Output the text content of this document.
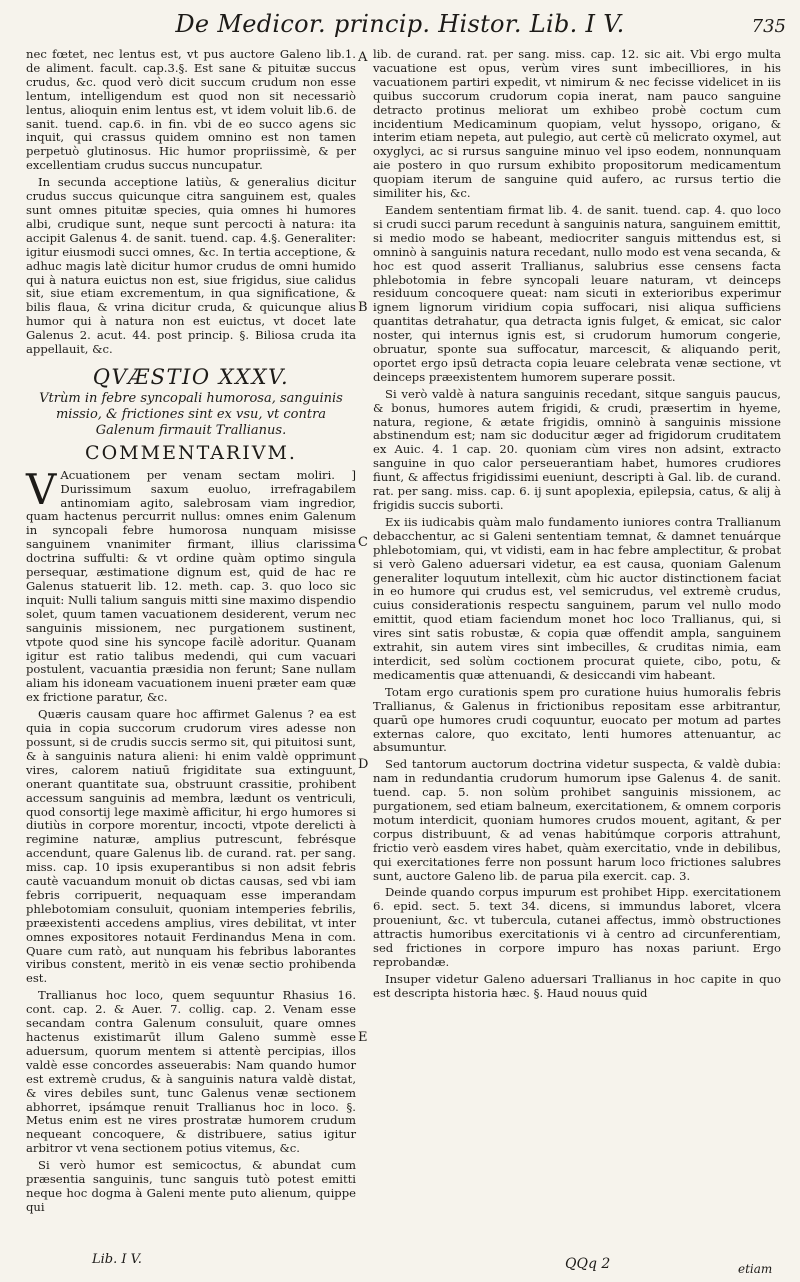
De Medicor. princip. Histor. Lib. I V.	735

nec fœtet, nec lentus est, vt pus auctore Galeno lib.1. de aliment. facult. cap.3.§. Est sane & pituitæ succus crudus, &c. quod verò dicit succum crudum non esse lentum, intelligendum est quod non sit necessariò lentus, alioquin enim lentus est, vt idem voluit lib.6. de sanit. tuend. cap.6. in fin. vbi de eo succo agens sic inquit, qui crassus quidem omnino est non tamen perpetuò glutinosus. Hic humor propriissimè, & per excellentiam crudus succus nuncupatur.

In secunda acceptione latiùs, & generalius dicitur crudus succus quicunque citra sanguinem est, quales sunt omnes pituitæ species, quia omnes hi humores albi, crudique sunt, neque sunt percocti à natura: ita accipit Galenus 4. de sanit. tuend. cap. 4.§. Generaliter: igitur eiusmodi succi omnes, &c. In tertia acceptione, & adhuc magis latè dicitur humor crudus de omni humido qui à natura euictus non est, siue frigidus, siue calidus sit, siue etiam excrementum, in qua significatione, & bilis flaua, & vrina dicitur cruda, & quicunque alius humor qui à natura non est euictus, vt docet late Galenus 2. acut. 44. post princip. §. Biliosa cruda ita appellauit, &c.

QVÆSTIO XXXV.
Vtrùm in febre syncopali humorosa, sanguinis missio, & frictiones sint ex vsu, vt contra Galenum firmauit Trallianus.
COMMENTARIVM.

V Acuationem per venam sectam moliri. ] Durissimum saxum euoluo, irrefragabilem antinomiam agito, salebrosam viam ingredior, quam hactenus percurrit nullus: omnes enim Galenum in syncopali febre humorosa nunquam misisse sanguinem vnanimiter firmant, illius clarissima doctrina suffulti: & vt ordine quàm optimo singula persequar, æstimatione dignum est, quid de hac re Galenus statuerit lib. 12. meth. cap. 3. quo loco sic inquit: Nulli talium sanguis mitti sine maximo dispendio solet, quum tamen vacuationem desiderent, verum nec sanguinis missionem, nec purgationem sustinent, vtpote quod sine his syncope facilè adoritur. Quanam igitur est ratio talibus medendi, qui cum vacuari postulent, vacuantia præsidia non ferunt; Sane nullam aliam his idoneam vacuationem inueni præter eam quæ ex frictione paratur, &c.

Quæris causam quare hoc affirmet Galenus ? ea est quia in copia succorum crudorum vires adesse non possunt, si de crudis succis sermo sit, qui pituitosi sunt, & à sanguinis natura alieni: hi enim valdè opprimunt vires, calorem natiuū frigiditate sua extinguunt, onerant quantitate sua, obstruunt crassitie, prohibent accessum sanguinis ad membra, lædunt os ventriculi, quod consortij lege maximè afficitur, hi ergo humores si diutiùs in corpore morentur, incocti, vtpote derelicti à regimine naturæ, amplius putrescunt, febrésque accendunt, quare Galenus lib. de curand. rat. per sang. miss. cap. 10 ipsis exuperantibus si non adsit febris cautè vacuandum monuit ob dictas causas, sed vbi iam febris corripuerit, nequaquam esse imperandam phlebotomiam consuluit, quoniam intemperies febrilis, præexistenti accedens amplius, vires debilitat, vt inter omnes expositores notauit Ferdinandus Mena in com. Quare cum ratò, aut nunquam his febribus laborantes viribus constent, meritò in eis venæ sectio prohibenda est.

Trallianus hoc loco, quem sequuntur Rhasius 16. cont. cap. 2. & Auer. 7. collig. cap. 2. Venam esse secandam contra Galenum consuluit, quare omnes hactenus existimarūt illum Galeno summè esse aduersum, quorum mentem si attentè percipias, illos valdè esse concordes asseuerabis: Nam quando humor est extremè crudus, & à sanguinis natura valdè distat, & vires debiles sunt, tunc Galenus venæ sectionem abhorret, ipsámque renuit Trallianus hoc in loco. §. Metus enim est ne vires prostratæ humorem crudum nequeant concoquere, & distribuere, satius igitur arbitror vt vena sectionem potius vitemus, &c.

Si verò humor est semicoctus, & abundat cum præsentia sanguinis, tunc sanguis tutò potest emitti neque hoc dogma à Galeni mente puto alienum, quippe qui

A
B
C
D
E

lib. de curand. rat. per sang. miss. cap. 12. sic ait. Vbi ergo multa vacuatione est opus, verùm vires sunt imbecilliores, in his vacuationem partiri expedit, vt nimirum & nec fecisse videlicet in iis quibus succorum crudorum copia inerat, nam pauco sanguine detracto protinus meliorat um exhibeo probè coctum cum incidentium Medicaminum quopiam, velut hyssopo, origano, & interim etiam nepeta, aut pulegio, aut certè cū melicrato oxymel, aut oxyglyci, ac si rursus sanguine minuo vel ipso eodem, nonnunquam aie postero in quo rursum exhibito propositorum medicamentum quopiam iterum de sanguine quid aufero, ac rursus tertio die similiter his, &c.

Eandem sententiam firmat lib. 4. de sanit. tuend. cap. 4. quo loco si crudi succi parum recedunt à sanguinis natura, sanguinem emittit, si medio modo se habeant, mediocriter sanguis mittendus est, si omninò à sanguinis natura recedant, nullo modo est vena secanda, & hoc est quod asserit Trallianus, salubrius esse censens facta phlebotomia in febre syncopali leuare naturam, vt deinceps residuum concoquere queat: nam sicuti in exterioribus experimur ignem lignorum viridium copia suffocari, nisi aliqua sufficiens quantitas detrahatur, qua detracta ignis fulget, & emicat, sic calor noster, qui internus ignis est, si crudorum humorum congerie, obruatur, sponte sua suffocatur, marcescit, & aliquando perit, oportet ergo ipsū detracta copia leuare celebrata venæ sectione, vt deinceps præexistentem humorem superare possit.

Si verò valdè à natura sanguinis recedant, sitque sanguis paucus, & bonus, humores autem frigidi, & crudi, præsertim in hyeme, natura, regione, & ætate frigidis, omninò à sanguinis missione abstinendum est; nam sic doducitur æger ad frigidorum cruditatem ex Auic. 4. 1 cap. 20. quoniam cùm vires non adsint, extracto sanguine in quo calor perseuerantiam habet, humores crudiores fiunt, & affectus frigidissimi eueniunt, descripti à Gal. lib. de curand. rat. per sang. miss. cap. 6. ij sunt apoplexia, epilepsia, catus, & alij à frigidis succis suborti.

Ex iis iudicabis quàm malo fundamento iuniores contra Trallianum debacchentur, ac si Galeni sententiam temnat, & damnet tenuárque phlebotomiam, qui, vt vidisti, eam in hac febre amplectitur, & probat si verò Galeno aduersari videtur, ea est causa, quoniam Galenum generaliter loquutum intellexit, cùm hic auctor distinctionem faciat in eo humore qui crudus est, vel semicrudus, vel extremè crudus, cuius considerationis respectu sanguinem, parum vel nullo modo emittit, quod etiam faciendum monet hoc loco Trallianus, qui, si vires sint satis robustæ, & copia quæ offendit ampla, sanguinem extrahit, sin autem vires sint imbecilles, & cruditas nimia, eam interdicit, sed solùm coctionem procurat quiete, cibo, potu, & medicamentis quæ attenuandi, & desiccandi vim habeant.

Totam ergo curationis spem pro curatione huius humoralis febris Trallianus, & Galenus in frictionibus repositam esse arbitrantur, quarū ope humores crudi coquuntur, euocato per motum ad partes externas calore, quo excitato, lenti humores attenuantur, ac absumuntur.

Sed tantorum auctorum doctrina videtur suspecta, & valdè dubia: nam in redundantia crudorum humorum ipse Galenus 4. de sanit. tuend. cap. 5. non solùm prohibet sanguinis missionem, ac purgationem, sed etiam balneum, exercitationem, & omnem corporis motum interdicit, quoniam humores crudos mouent, agitant, & per corpus distribuunt, & ad venas habitúmque corporis attrahunt, frictio verò easdem vires habet, quàm exercitatio, vnde in debilibus, qui exercitationes ferre non possunt harum loco frictiones salubres sunt, auctore Galeno lib. de parua pila exercit. cap. 3.

Deinde quando corpus impurum est prohibet Hipp. exercitationem 6. epid. sect. 5. text 34. dicens, si immundus laboret, vlcera proueniunt, &c. vt tubercula, cutanei affectus, immò obstructiones attractis humoribus exercitationis vi à centro ad circunferentiam, sed frictiones in corpore impuro has noxas pariunt. Ergo reprobandæ.

Insuper videtur Galeno aduersari Trallianus in hoc capite in quo est descripta historia hæc. §. Haud nouus quid

Lib. I V.	QQq 2	etiam
